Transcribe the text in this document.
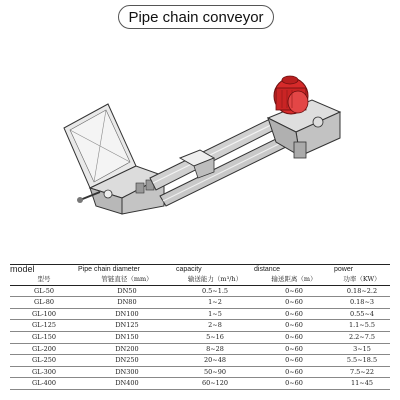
Pipe chain conveyor
model	Pipe chain diameter	capacity	distance	power
型号	管链直径（mm）	输送能力（m³/h）	输送距离（m）	功率（KW）
GL-50	DN50	0.5~1.5	0~60	0.18~2.2
GL-80	DN80	1~2	0~60	0.18~3
GL-100	DN100	1~5	0~60	0.55~4
GL-125	DN125	2~8	0~60	1.1~5.5
GL-150	DN150	5~16	0~60	2.2~7.5
GL-200	DN200	8~28	0~60	3~15
GL-250	DN250	20~48	0~60	5.5~18.5
GL-300	DN300	50~90	0~60	7.5~22
GL-400	DN400	60~120	0~60	11~45
